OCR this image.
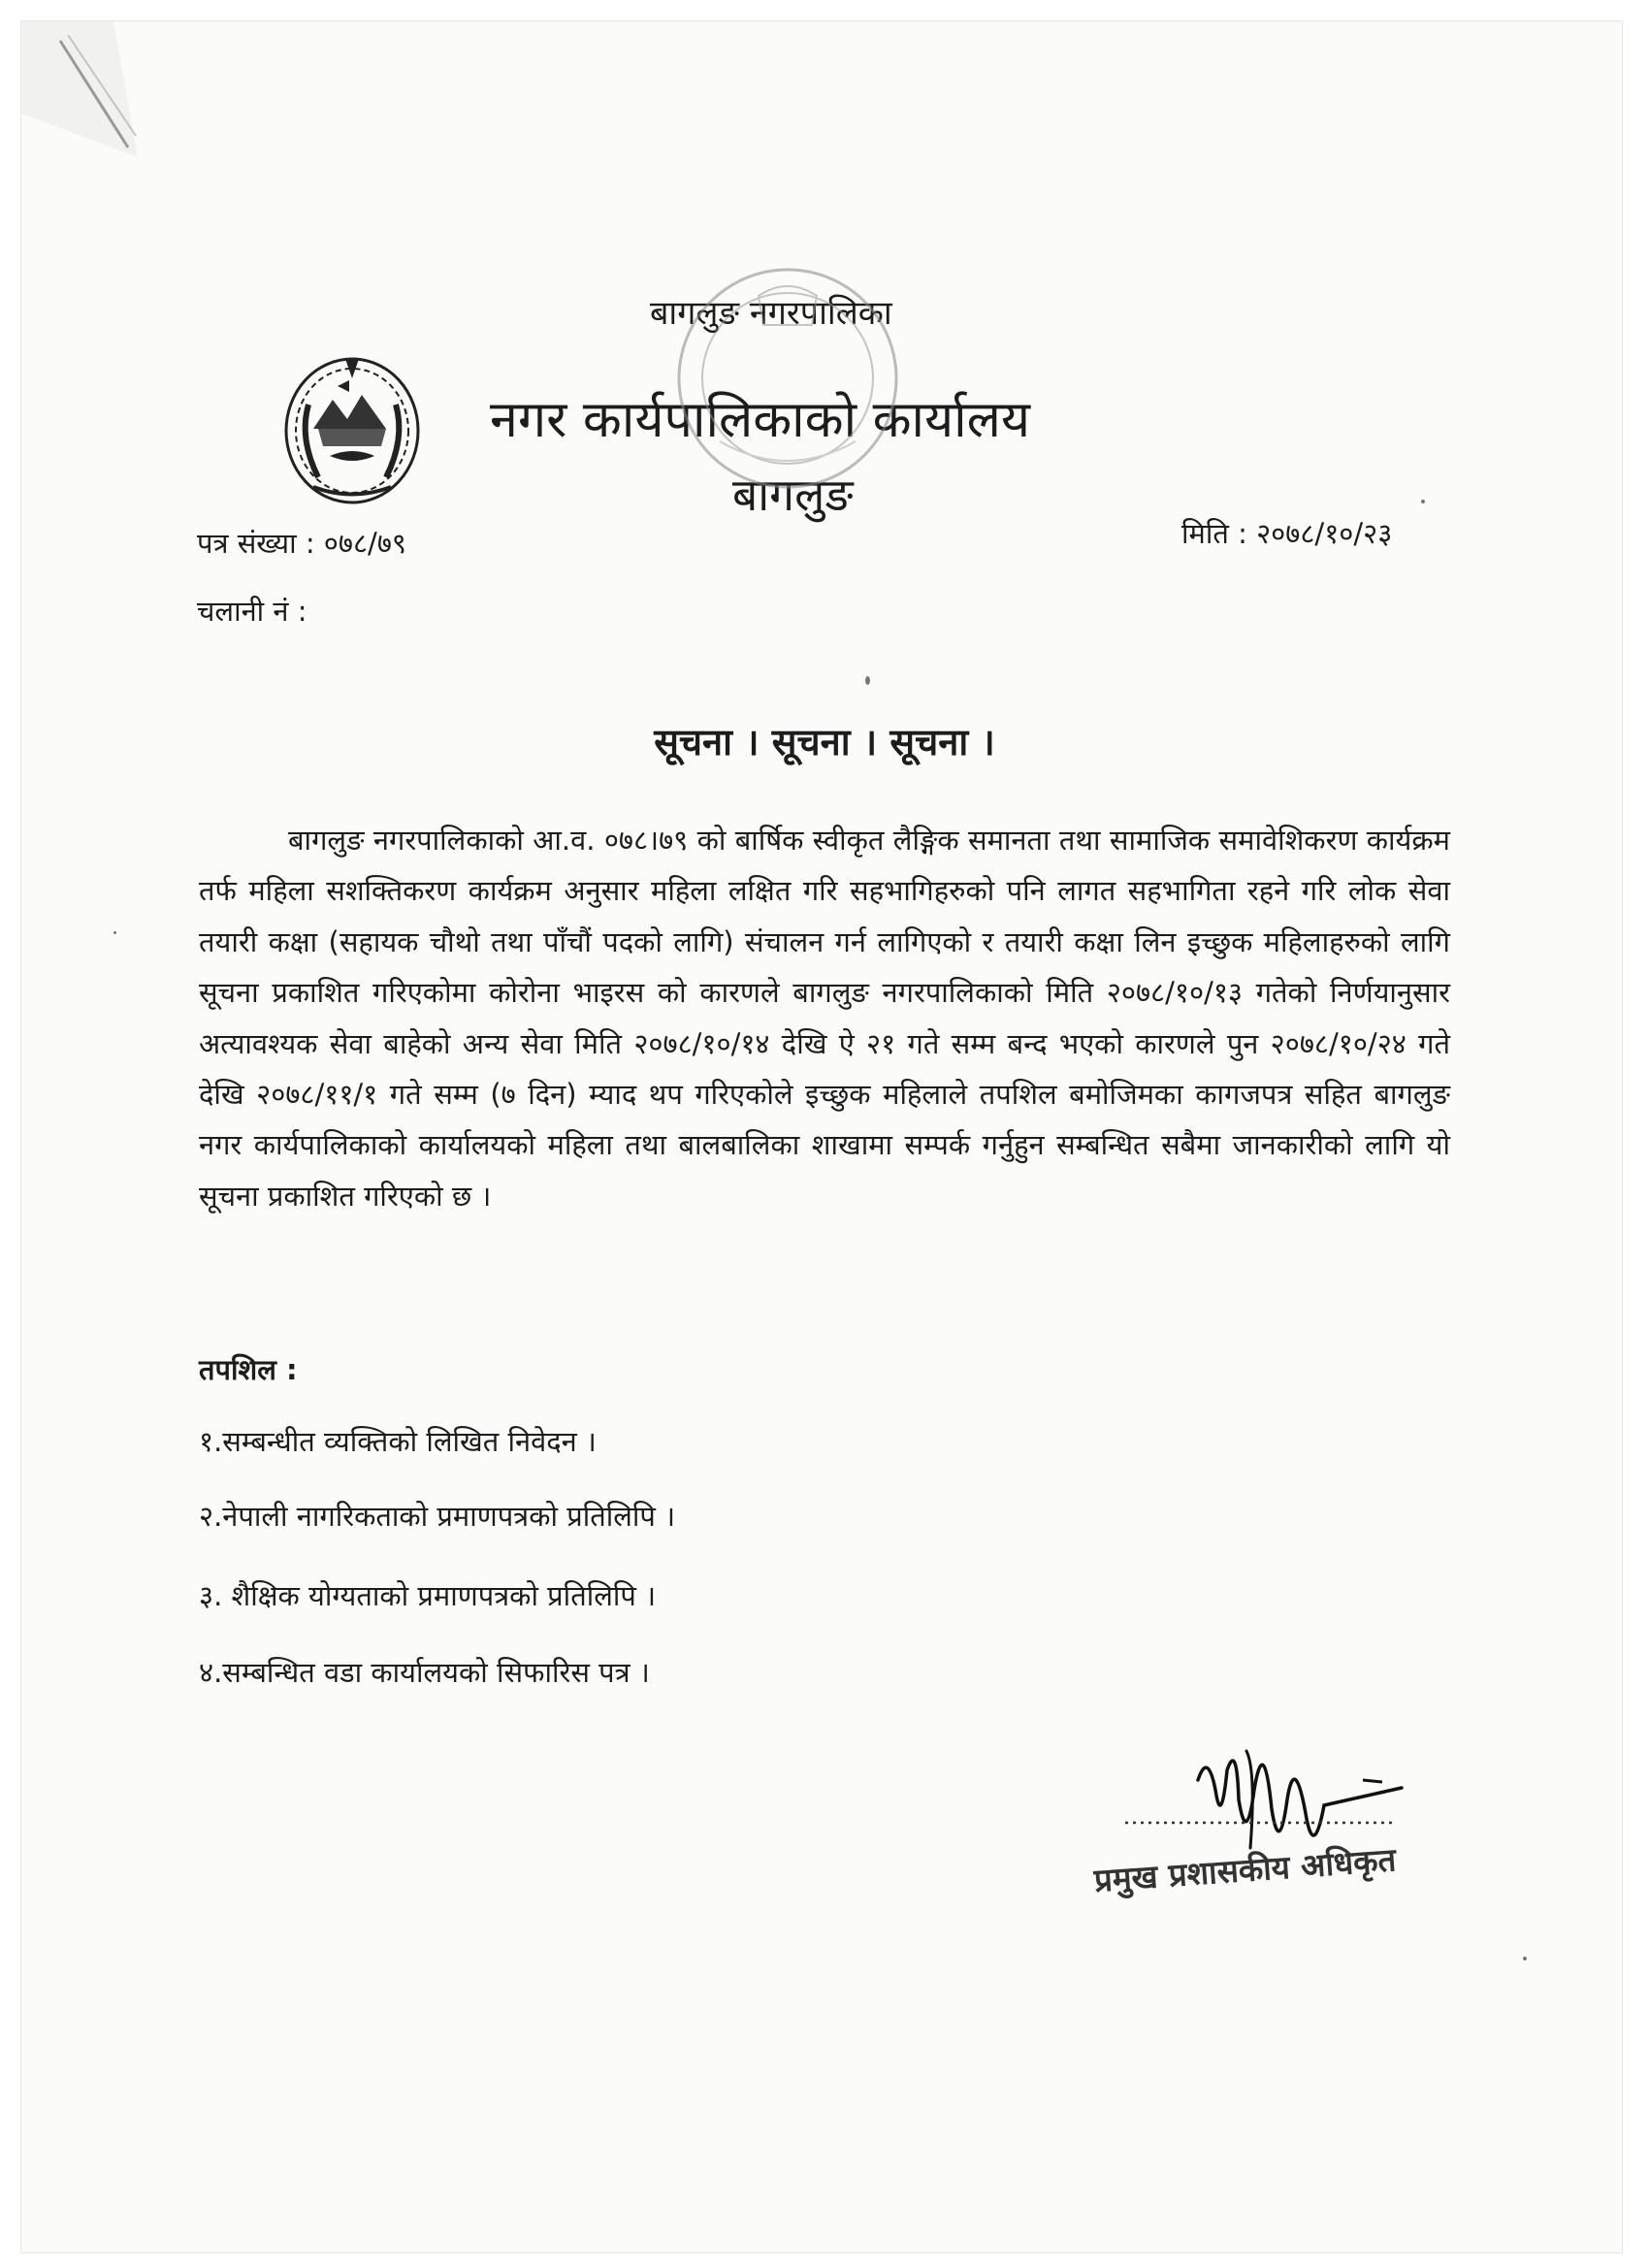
बागलुङ नगरपालिका
नगर कार्यपालिकाको कार्यालय
बागलुङ
पत्र संख्या : ०७८/७९
चलानी नं :
मिति : २०७८/१०/२३
सूचना । सूचना । सूचना ।

बागलुङ नगरपालिकाको आ.व. ०७८।७९ को बार्षिक स्वीकृत लैङ्गिक समानता तथा सामाजिक समावेशिकरण कार्यक्रम तर्फ महिला सशक्तिकरण कार्यक्रम अनुसार महिला लक्षित गरि सहभागिहरुको पनि लागत सहभागिता रहने गरि लोक सेवा तयारी कक्षा (सहायक चौथो तथा पाँचौं पदको लागि) संचालन गर्न लागिएको र तयारी कक्षा लिन इच्छुक महिलाहरुको लागि सूचना प्रकाशित गरिएकोमा कोरोना भाइरस को कारणले बागलुङ नगरपालिकाको मिति २०७८/१०/१३ गतेको निर्णयानुसार अत्यावश्यक सेवा बाहेको अन्य सेवा मिति २०७८/१०/१४ देखि ऐ २१ गते सम्म बन्द भएको कारणले पुन २०७८/१०/२४ गते देखि २०७८/११/१ गते सम्म (७ दिन) म्याद थप गरिएकोले इच्छुक महिलाले तपशिल बमोजिमका कागजपत्र सहित बागलुङ नगर कार्यपालिकाको कार्यालयको महिला तथा बालबालिका शाखामा सम्पर्क गर्नुहुन सम्बन्धित सबैमा जानकारीको लागि यो सूचना प्रकाशित गरिएको छ ।

तपशिल :
१.सम्बन्धीत व्यक्तिको लिखित निवेदन ।
२.नेपाली नागरिकताको प्रमाणपत्रको प्रतिलिपि ।
३. शैक्षिक योग्यताको प्रमाणपत्रको प्रतिलिपि ।
४.सम्बन्धित वडा कार्यालयको सिफारिस पत्र ।
प्रमुख प्रशासकीय अधिकृत
